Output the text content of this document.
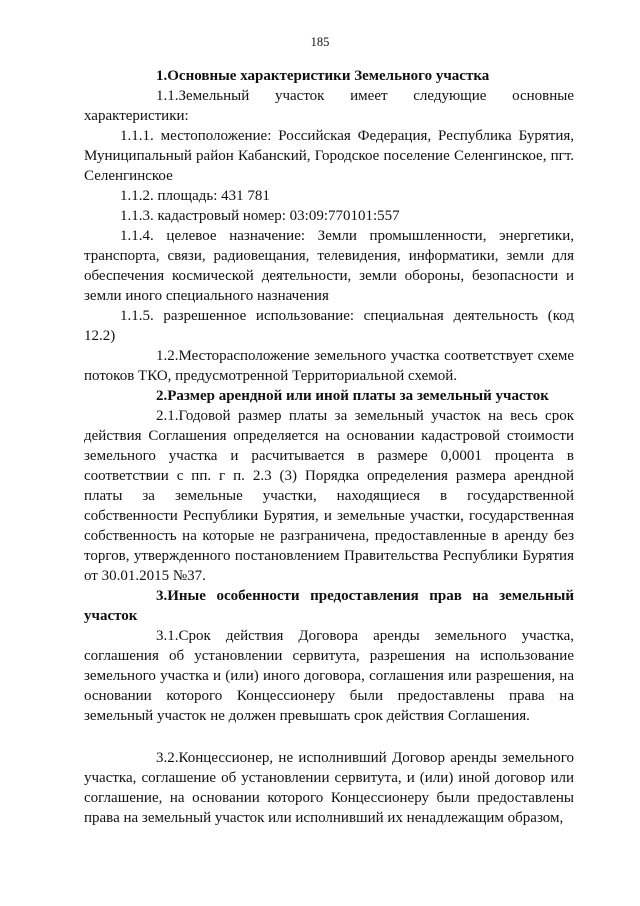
185

1.Основные характеристики Земельного участка

1.1.Земельный участок имеет следующие основные характеристики:

1.1.1. местоположение: Российская Федерация, Республика Бурятия, Муниципальный район Кабанский, Городское поселение Селенгинское, пгт. Селенгинское

1.1.2. площадь: 431 781

1.1.3. кадастровый номер: 03:09:770101:557

1.1.4. целевое назначение: Земли промышленности, энергетики, транспорта, связи, радиовещания, телевидения, информатики, земли для обеспечения космической деятельности, земли обороны, безопасности и земли иного специального назначения

1.1.5. разрешенное использование: специальная деятельность (код 12.2)

1.2.Месторасположение земельного участка соответствует схеме потоков ТКО, предусмотренной Территориальной схемой.

2.Размер арендной или иной платы за земельный участок

2.1.Годовой размер платы за земельный участок на весь срок действия Соглашения определяется на основании кадастровой стоимости земельного участка и расчитывается в размере 0,0001 процента в соответствии с пп. г п. 2.3 (3) Порядка определения размера арендной платы за земельные участки, находящиеся в государственной собственности Республики Бурятия, и земельные участки, государственная собственность на которые не разграничена, предоставленные в аренду без торгов, утвержденного постановлением Правительства Республики Бурятия от 30.01.2015 №37.

3.Иные особенности предоставления прав на земельный участок

3.1.Срок действия Договора аренды земельного участка, соглашения об установлении сервитута, разрешения на использование земельного участка и (или) иного договора, соглашения или разрешения, на основании которого Концессионеру были предоставлены права на земельный участок не должен превышать срок действия Соглашения.

3.2.Концессионер, не исполнивший Договор аренды земельного участка, соглашение об установлении сервитута, и (или) иной договор или соглашение, на основании которого Концессионеру были предоставлены права на земельный участок или исполнивший их ненадлежащим образом,
